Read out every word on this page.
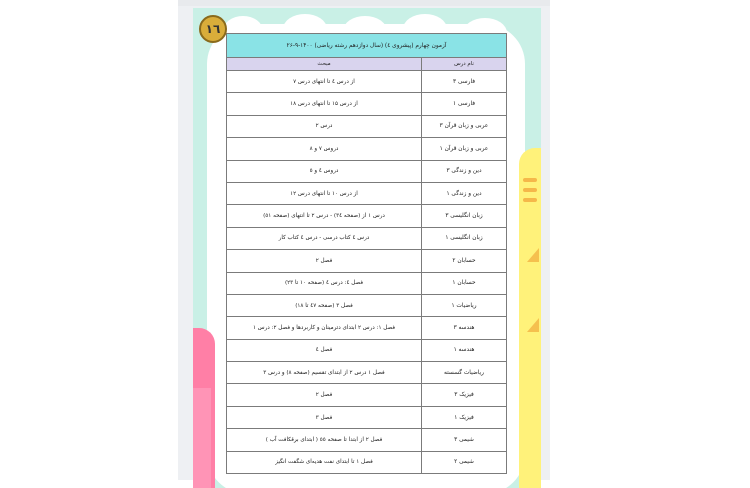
١٦
آزمون چهارم (پیشروی ٤) (سال دوازدهم رشته ریاضی) ۱۴۰۰-۹-۲۶	
نام درس	مبحث
فارسی ۳	از درس ٤ تا انتهای درس ۷
فارسی ۱	از درس ۱۵ تا انتهای درس ۱۸
عربی و زبان قرآن ۳	درس ۲
عربی و زبان قرآن ۱	دروس ۷ و ۸
دین و زندگی ۳	دروس ٤ و ٥
دین و زندگی ۱	از درس ۱۰ تا انتهای درس ۱۲
زبان انگلیسی ۳	درس ۱ از (صفحه ۳٤) - درس ۲ تا انتهای (صفحه ٥۱)
زبان انگلیسی ۱	درس ٤ کتاب درسی - درس ٤ کتاب کار
حسابان ۲	فصل ۲
حسابان ۱	فصل ٤: درس ٤ (صفحه ۱۰ تا ۲۳)
ریاضیات ۱	فصل ۳ (صفحه ٤۷ تا ۱۸)
هندسه ۳	فصل ۱: درس ۲ ابتدای دترمینان و کاربردها و فصل ۲: درس ۱
هندسه ۱	فصل ٤
ریاضیات گسسته	فصل ۱ درس ۲ از ابتدای تقسیم (صفحه ۸) و درس ۳
فیزیک ۳	فصل ۲
فیزیک ۱	فصل ۳
شیمی ۳	فصل ۲ از ابتدا تا صفحه ٥٥ ( ابتدای برقکافت آب )
شیمی ۲	فصل ۱ تا ابتدای نفت هدیه‌ای شگفت انگیز
